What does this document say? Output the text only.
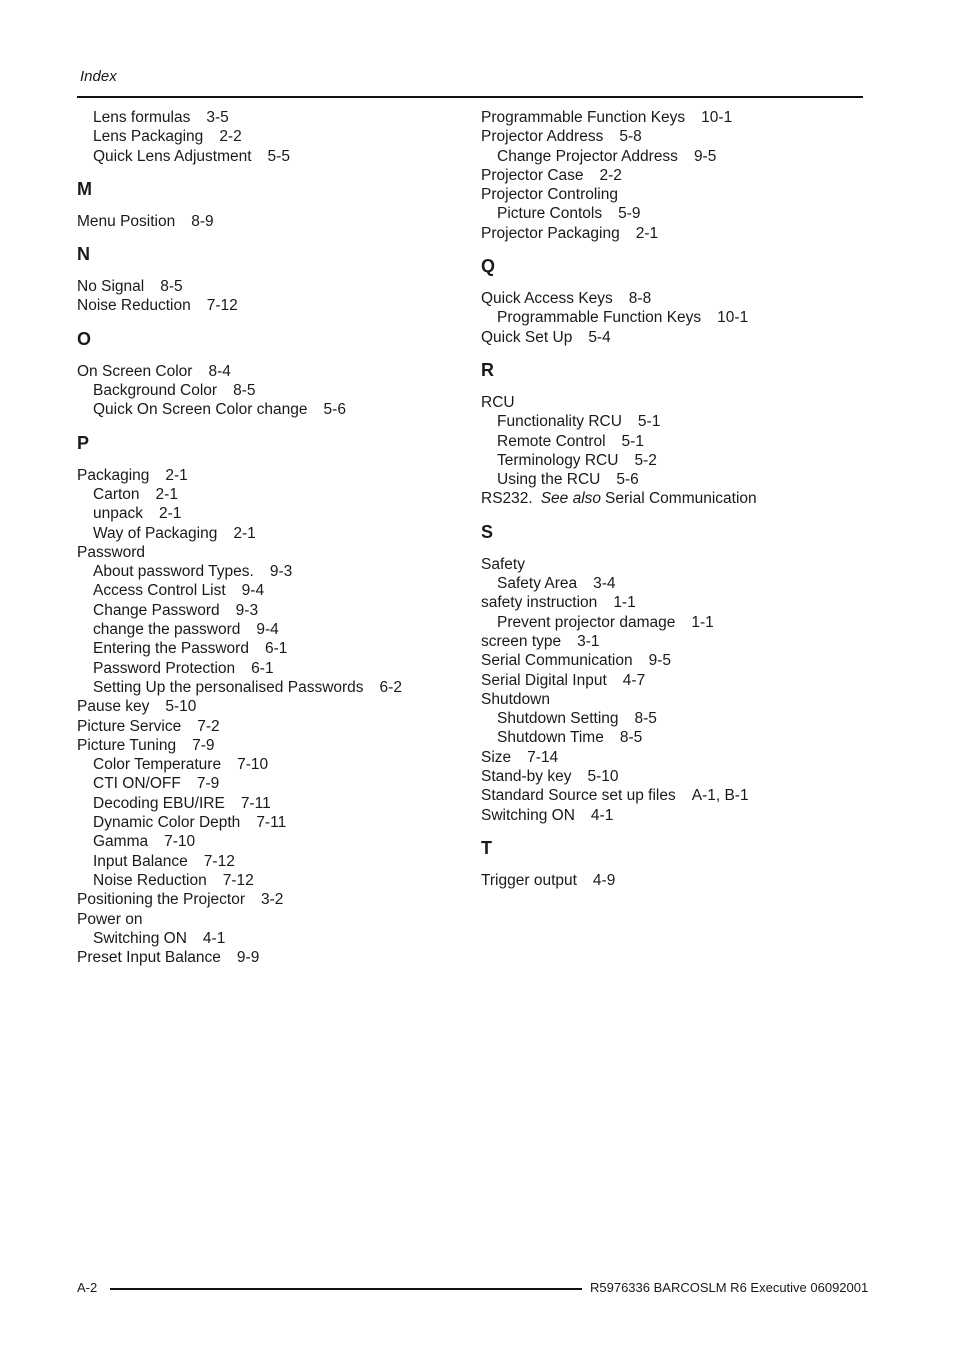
Index
Lens formulas 3-5
Lens Packaging 2-2
Quick Lens Adjustment 5-5
M
Menu Position 8-9
N
No Signal 8-5
Noise Reduction 7-12
O
On Screen Color 8-4
Background Color 8-5
Quick On Screen Color change 5-6
P
Packaging 2-1
Carton 2-1
unpack 2-1
Way of Packaging 2-1
Password
About password Types. 9-3
Access Control List 9-4
Change Password 9-3
change the password 9-4
Entering the Password 6-1
Password Protection 6-1
Setting Up the personalised Passwords 6-2
Pause key 5-10
Picture Service 7-2
Picture Tuning 7-9
Color Temperature 7-10
CTI ON/OFF 7-9
Decoding EBU/IRE 7-11
Dynamic Color Depth 7-11
Gamma 7-10
Input Balance 7-12
Noise Reduction 7-12
Positioning the Projector 3-2
Power on
Switching ON 4-1
Preset Input Balance 9-9
Programmable Function Keys 10-1
Projector Address 5-8
Change Projector Address 9-5
Projector Case 2-2
Projector Controling
Picture Contols 5-9
Projector Packaging 2-1
Q
Quick Access Keys 8-8
Programmable Function Keys 10-1
Quick Set Up 5-4
R
RCU
Functionality RCU 5-1
Remote Control 5-1
Terminology RCU 5-2
Using the RCU 5-6
RS232. See also Serial Communication
S
Safety
Safety Area 3-4
safety instruction 1-1
Prevent projector damage 1-1
screen type 3-1
Serial Communication 9-5
Serial Digital Input 4-7
Shutdown
Shutdown Setting 8-5
Shutdown Time 8-5
Size 7-14
Stand-by key 5-10
Standard Source set up files A-1, B-1
Switching ON 4-1
T
Trigger output 4-9
A-2	R5976336 BARCOSLM R6 Executive 06092001
